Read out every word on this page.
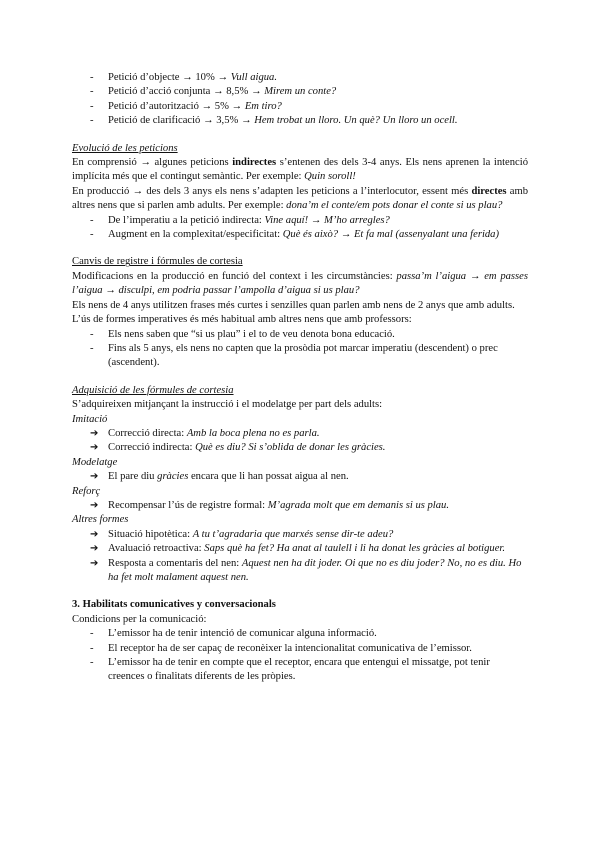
- Petició d’objecte → 10% → Vull aigua.
- Petició d’acció conjunta → 8,5% → Mirem un conte?
- Petició d’autorització → 5% → Em tiro?
- Petició de clarificació → 3,5% → Hem trobat un lloro. Un què? Un lloro un ocell.
Evolució de les peticions

En comprensió → algunes peticions indirectes s’entenen des dels 3-4 anys. Els nens aprenen la intenció implícita més que el contingut semàntic. Per exemple: Quin soroll!

En producció → des dels 3 anys els nens s’adapten les peticions a l’interlocutor, essent més directes amb altres nens que si parlen amb adults. Per exemple: dona’m el conte/em pots donar el conte si us plau?

- De l’imperatiu a la petició indirecta: Vine aquí! → M’ho arregles?
- Augment en la complexitat/especificitat: Què és això? → Et fa mal (assenyalant una ferida)
Canvis de registre i fórmules de cortesia

Modificacions en la producció en funció del context i les circumstàncies: passa’m l’aigua → em passes l’aigua → disculpi, em podria passar l’ampolla d’aigua si us plau?

Els nens de 4 anys utilitzen frases més curtes i senzilles quan parlen amb nens de 2 anys que amb adults.

L’ús de formes imperatives és més habitual amb altres nens que amb professors:

- Els nens saben que “si us plau” i el to de veu denota bona educació.
- Fins als 5 anys, els nens no capten que la prosòdia pot marcar imperatiu (descendent) o prec (ascendent).
Adquisició de les fórmules de cortesia

S’adquireixen mitjançant la instrucció i el modelatge per part dels adults:

Imitació
➔ Correcció directa: Amb la boca plena no es parla.
➔ Correcció indirecta: Què es diu? Si s’oblida de donar les gràcies.
Modelatge
➔ El pare diu gràcies encara que li han possat aigua al nen.
Reforç
➔ Recompensar l’ús de registre formal: M’agrada molt que em demanis si us plau.
Altres formes
➔ Situació hipotètica: A tu t’agradaria que marxés sense dir-te adeu?
➔ Avaluació retroactiva: Saps què ha fet? Ha anat al taulell i li ha donat les gràcies al botiguer.
➔ Resposta a comentaris del nen: Aquest nen ha dit joder. Oi que no es diu joder? No, no es diu. Ho ha fet molt malament aquest nen.
3. Habilitats comunicatives y conversacionals

Condicions per la comunicació:

- L’emissor ha de tenir intenció de comunicar alguna informació.
- El receptor ha de ser capaç de reconèixer la intencionalitat comunicativa de l’emissor.
- L’emissor ha de tenir en compte que el receptor, encara que entengui el missatge, pot tenir creences o finalitats diferents de les pròpies.
